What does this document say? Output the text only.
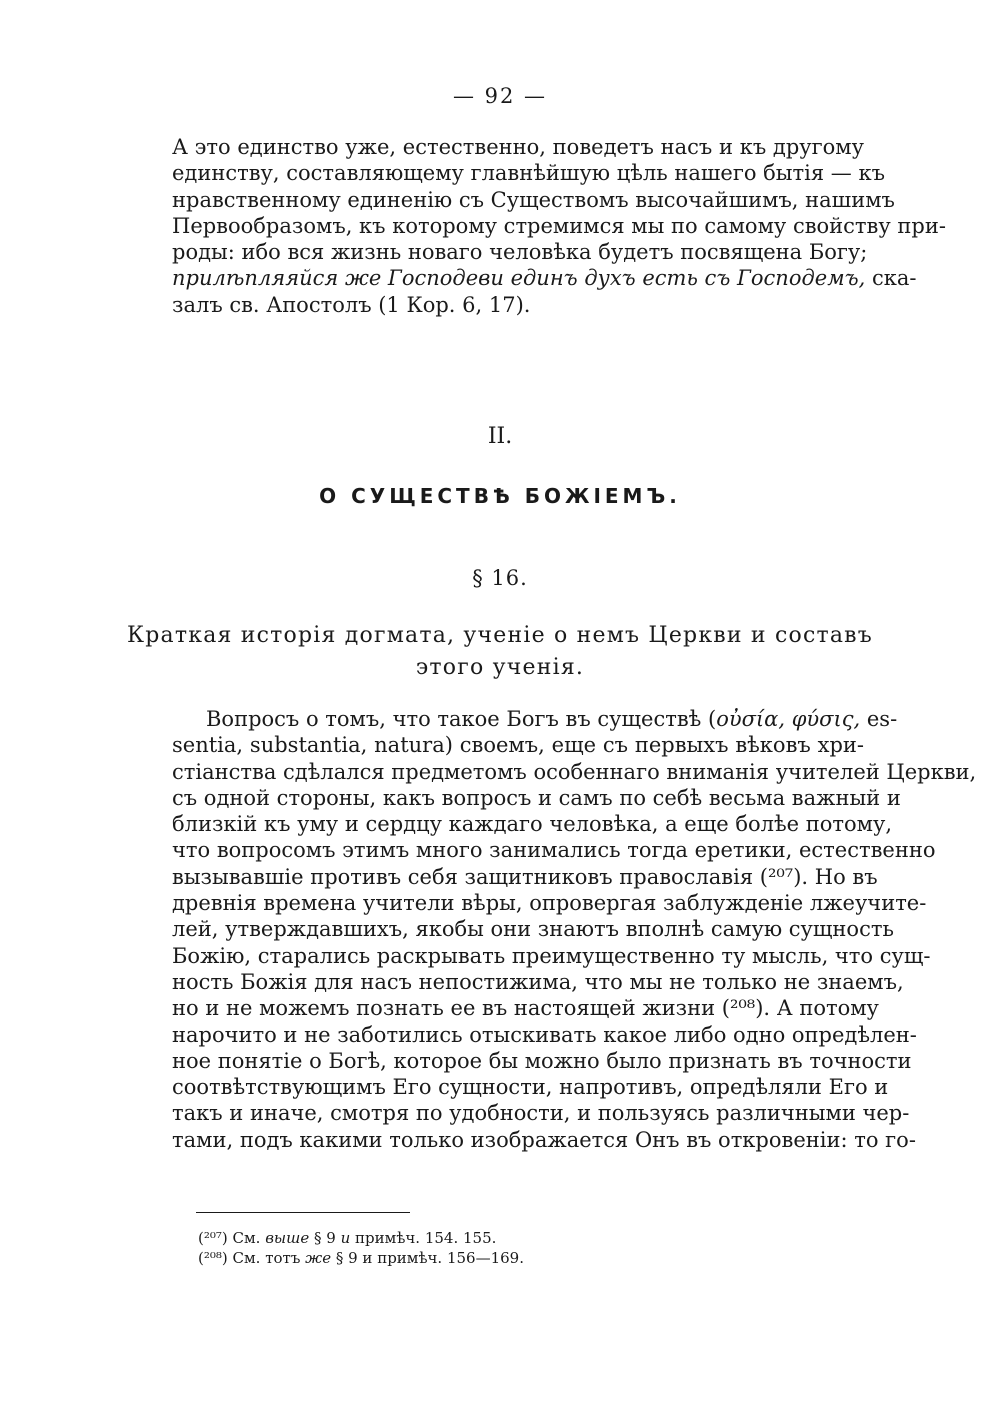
— 92 —
А это единство уже, естественно, поведетъ насъ и къ другому
единству, составляющему главнѣйшую цѣль нашего бытія — къ
нравственному единенію съ Существомъ высочайшимъ, нашимъ
Первообразомъ, къ которому стремимся мы по самому свойству при-
роды: ибо вся жизнь новаго человѣка будетъ посвящена Богу;
прилѣпляяйся же Господеви единъ духъ есть съ Господемъ, ска-
залъ св. Апостолъ (1 Кор. 6, 17).
II.
О СУЩЕСТВѢ БОЖІЕМЪ.
§ 16.
Краткая исторія догмата, ученіе о немъ Церкви и составъ
этого ученія.
Вопросъ о томъ, что такое Богъ въ существѣ (οὐσία, φύσις, es-
sentia, substantia, natura) своемъ, еще съ первыхъ вѣковъ хри-
стіанства сдѣлался предметомъ особеннаго вниманія учителей Церкви,
съ одной стороны, какъ вопросъ и самъ по себѣ весьма важный и
близкій къ уму и сердцу каждаго человѣка, а еще болѣе потому,
что вопросомъ этимъ много занимались тогда еретики, естественно
вызывавшіе противъ себя защитниковъ православія (²⁰⁷). Но въ
древнія времена учители вѣры, опровергая заблужденіе лжеучите-
лей, утверждавшихъ, якобы они знаютъ вполнѣ самую сущность
Божію, старались раскрывать преимущественно ту мысль, что сущ-
ность Божія для насъ непостижима, что мы не только не знаемъ,
но и не можемъ познать ее въ настоящей жизни (²⁰⁸). А потому
нарочито и не заботились отыскивать какое либо одно опредѣлен-
ное понятіе о Богѣ, которое бы можно было признать въ точности
соотвѣтствующимъ Его сущности, напротивъ, опредѣляли Его и
такъ и иначе, смотря по удобности, и пользуясь различными чер-
тами, подъ какими только изображается Онъ въ откровеніи: то го-
(²⁰⁷) См. выше § 9 и примѣч. 154. 155.
(²⁰⁸) См. тотъ же § 9 и примѣч. 156—169.
